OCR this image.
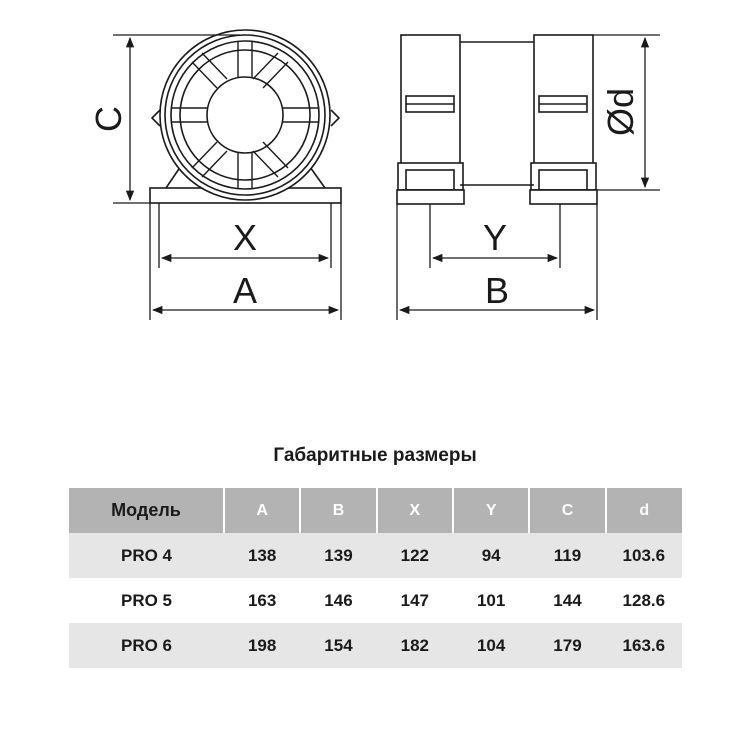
C
X
A
Y
B
Ød
Габаритные размеры
Модель	A	B	X	Y	C	d
PRO 4	138	139	122	94	119	103.6
PRO 5	163	146	147	101	144	128.6
PRO 6	198	154	182	104	179	163.6
